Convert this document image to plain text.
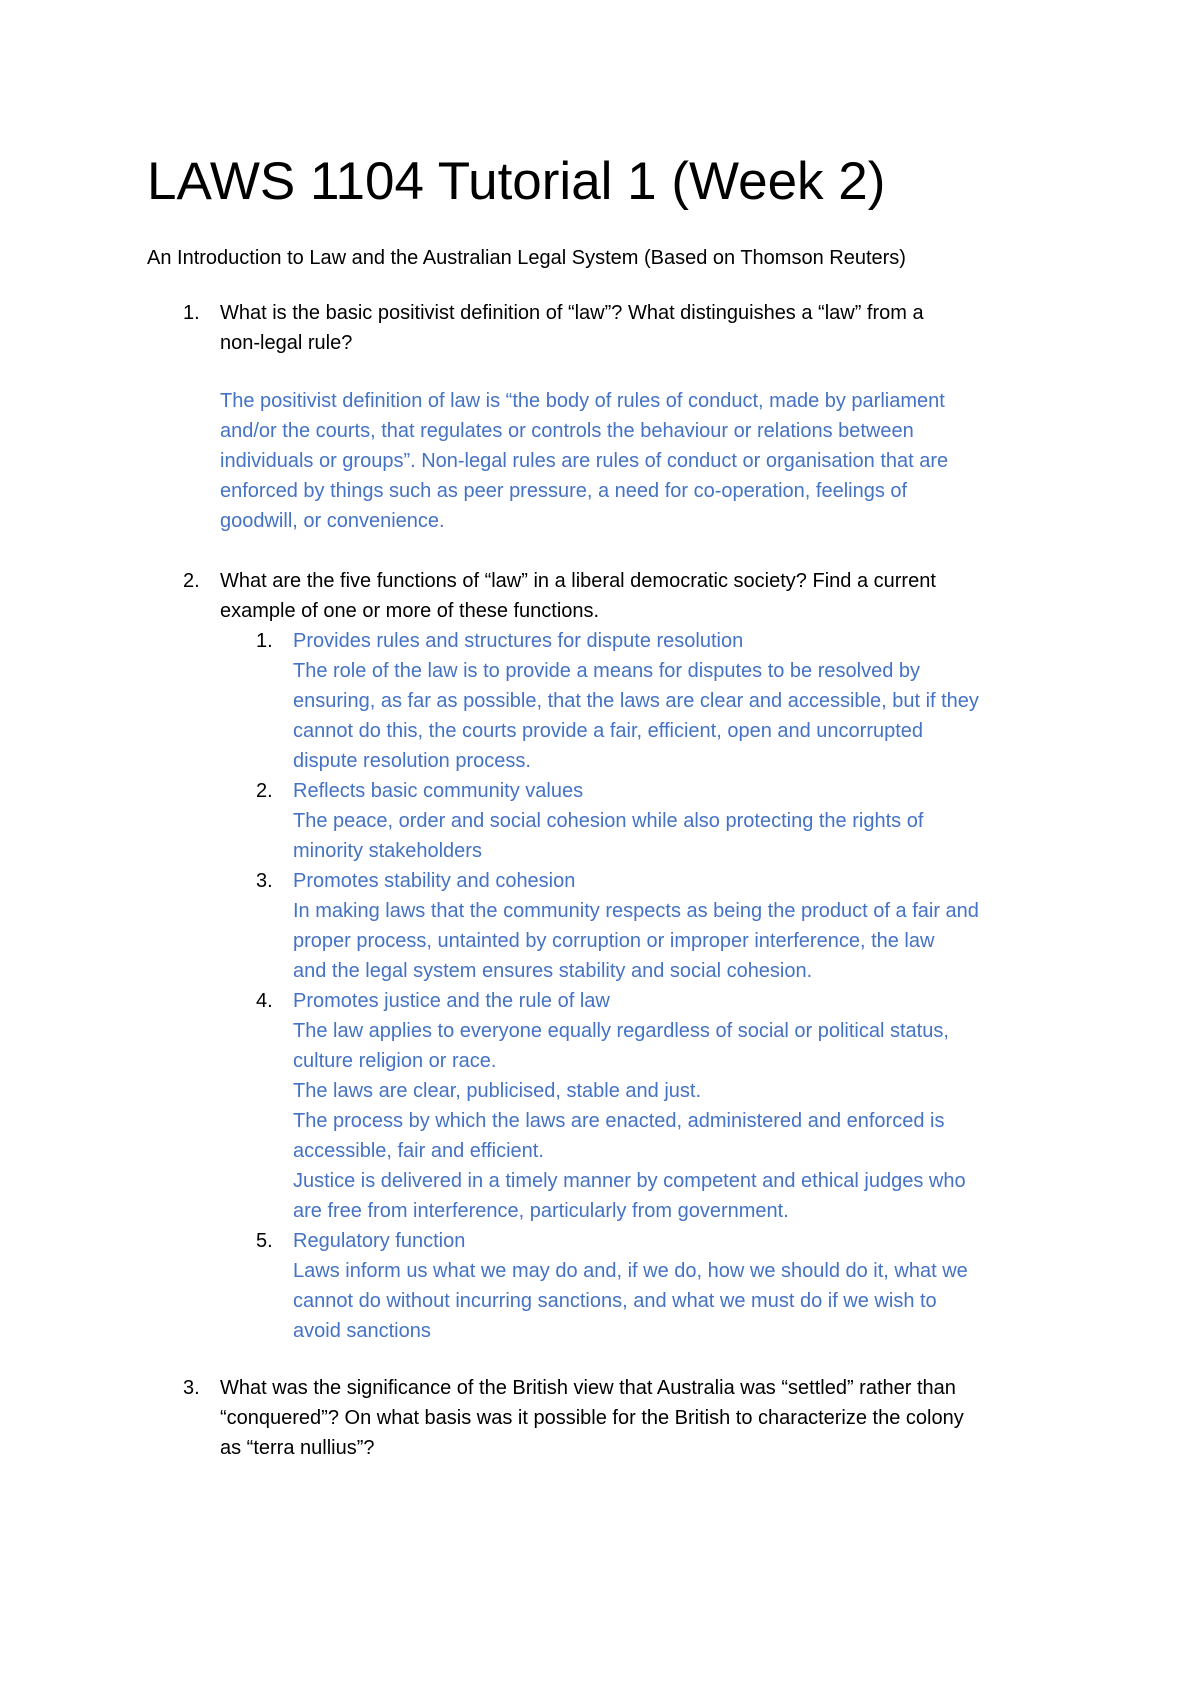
LAWS 1104 Tutorial 1 (Week 2)

An Introduction to Law and the Australian Legal System (Based on Thomson Reuters)

1. What is the basic positivist definition of “law”? What distinguishes a “law” from a
non-legal rule?
The positivist definition of law is “the body of rules of conduct, made by parliament
and/or the courts, that regulates or controls the behaviour or relations between
individuals or groups”. Non-legal rules are rules of conduct or organisation that are
enforced by things such as peer pressure, a need for co-operation, feelings of
goodwill, or convenience.
2. What are the five functions of “law” in a liberal democratic society? Find a current
example of one or more of these functions.
1. Provides rules and structures for dispute resolution
The role of the law is to provide a means for disputes to be resolved by
ensuring, as far as possible, that the laws are clear and accessible, but if they
cannot do this, the courts provide a fair, efficient, open and uncorrupted
dispute resolution process.
2. Reflects basic community values
The peace, order and social cohesion while also protecting the rights of
minority stakeholders
3. Promotes stability and cohesion
In making laws that the community respects as being the product of a fair and
proper process, untainted by corruption or improper interference, the law
and the legal system ensures stability and social cohesion.
4. Promotes justice and the rule of law
The law applies to everyone equally regardless of social or political status,
culture religion or race.
The laws are clear, publicised, stable and just.
The process by which the laws are enacted, administered and enforced is
accessible, fair and efficient.
Justice is delivered in a timely manner by competent and ethical judges who
are free from interference, particularly from government.
5. Regulatory function
Laws inform us what we may do and, if we do, how we should do it, what we
cannot do without incurring sanctions, and what we must do if we wish to
avoid sanctions
3. What was the significance of the British view that Australia was “settled” rather than
“conquered”? On what basis was it possible for the British to characterize the colony
as “terra nullius”?
